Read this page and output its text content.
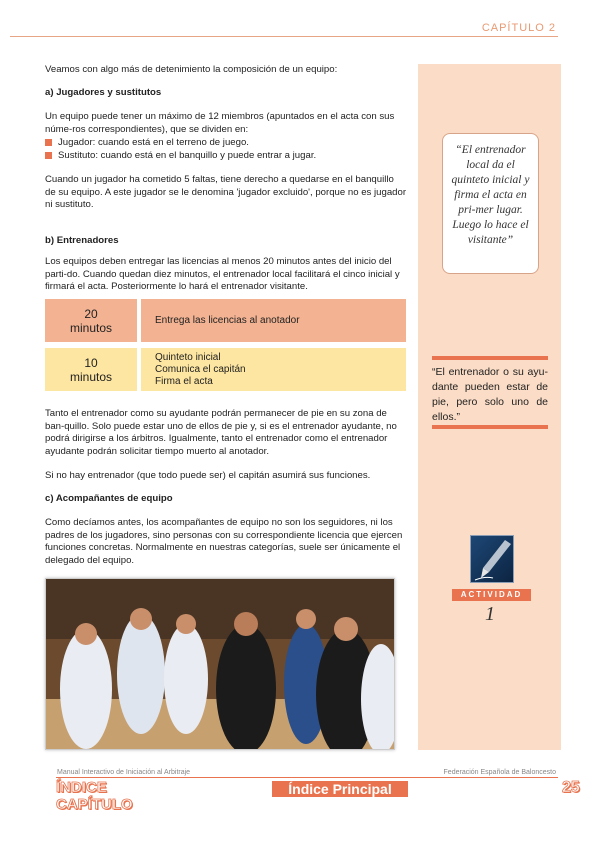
CAPÍTULO 2
“El entrenador local da el quinteto inicial y firma el acta en pri-mer lugar. Luego lo hace el visitante”
“El entrenador o su ayu-dante pueden estar de pie, pero solo uno de ellos.”
ACTIVIDAD
1
Veamos con algo más de detenimiento la composición de un equipo:
a) Jugadores y sustitutos

Un equipo puede tener un máximo de 12 miembros (apuntados en el acta con sus núme-ros correspondientes), que se dividen en:

Jugador: cuando está en el terreno de juego.
Sustituto: cuando está en el banquillo y puede entrar a jugar.

Cuando un jugador ha cometido 5 faltas, tiene derecho a quedarse en el banquillo de su equipo. A este jugador se le denomina 'jugador excluido', porque no es jugador ni sustituto.

b) Entrenadores

Los equipos deben entregar las licencias al menos 20 minutos antes del inicio del parti-do. Cuando quedan diez minutos, el entrenador local facilitará el cinco inicial y firmará el acta. Posteriormente lo hará el entrenador visitante.

20
minutos
Entrega las licencias al anotador
10
minutos
Quinteto inicial
Comunica el capitán
Firma el acta

Tanto el entrenador como su ayudante podrán permanecer de pie en su zona de ban-quillo. Solo puede estar uno de ellos de pie y, si es el entrenador ayudante, no podrá dirigirse a los árbitros. Igualmente, tanto el entrenador como el entrenador ayudante podrán solicitar tiempo muerto al anotador.

Si no hay entrenador (que todo puede ser) el capitán asumirá sus funciones.

c) Acompañantes de equipo

Como decíamos antes, los acompañantes de equipo no son los seguidores, ni los padres de los jugadores, sino personas con su correspondiente licencia que ejercen funciones concretas. Normalmente en nuestras categorías, suele ser únicamente el delegado del equipo.

Manual Interactivo de Iniciación al Arbitraje	Federación Española de Baloncesto
ÍNDICE
CAPÍTULO
Índice Principal	25
